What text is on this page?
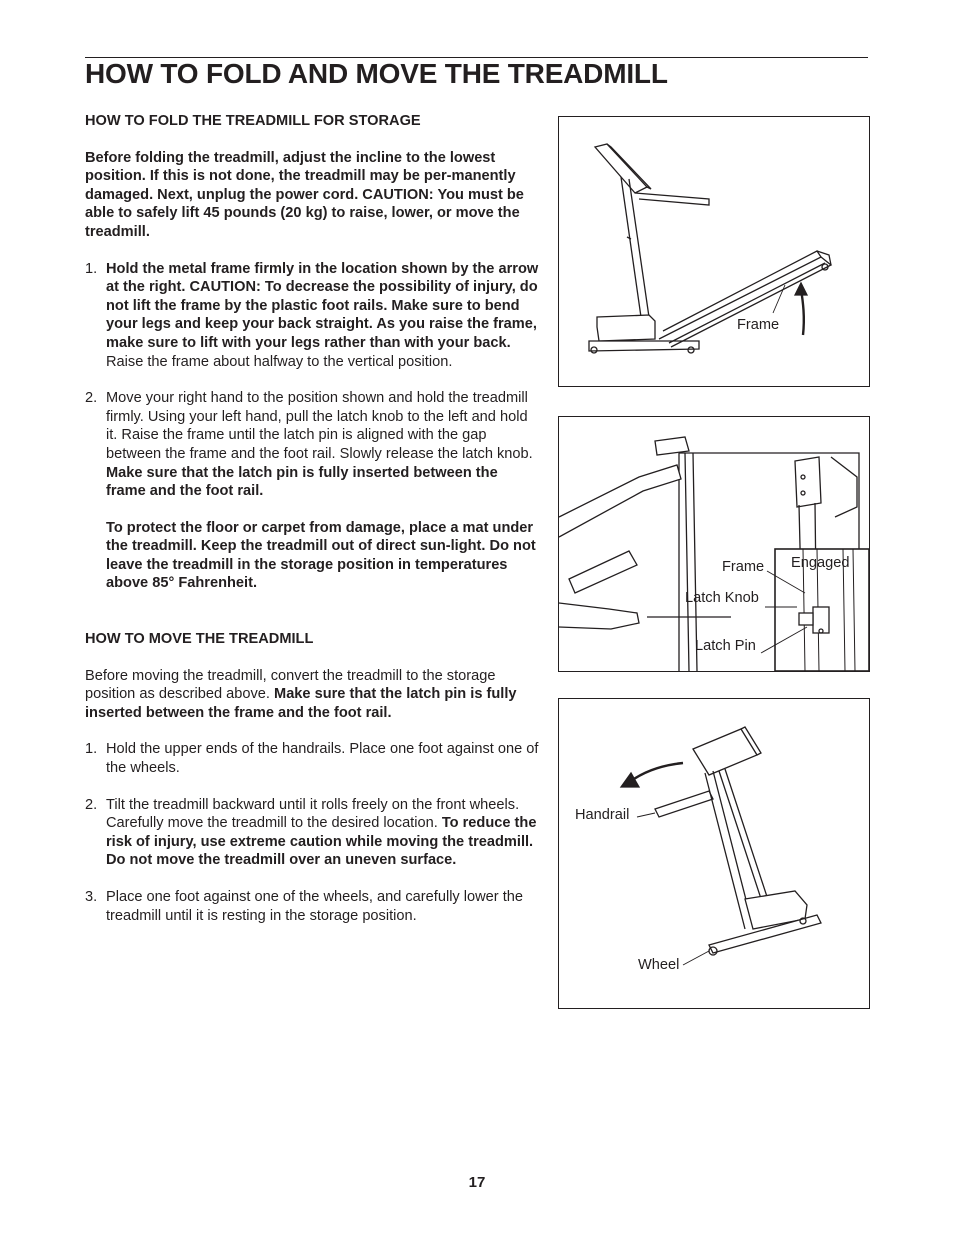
HOW TO FOLD AND MOVE THE TREADMILL

HOW TO FOLD THE TREADMILL FOR STORAGE

Before folding the treadmill, adjust the incline to the lowest position. If this is not done, the treadmill may be per-manently damaged. Next, unplug the power cord. CAUTION: You must be able to safely lift 45 pounds (20 kg) to raise, lower, or move the treadmill.

1. Hold the metal frame firmly in the location shown by the arrow at the right. CAUTION: To decrease the possibility of injury, do not lift the frame by the plastic foot rails. Make sure to bend your legs and keep your back straight. As you raise the frame, make sure to lift with your legs rather than with your back. Raise the frame about halfway to the vertical position.
2. Move your right hand to the position shown and hold the treadmill firmly. Using your left hand, pull the latch knob to the left and hold it. Raise the frame until the latch pin is aligned with the gap between the frame and the foot rail. Slowly release the latch knob. Make sure that the latch pin is fully inserted between the frame and the foot rail.
To protect the floor or carpet from damage, place a mat under the treadmill. Keep the treadmill out of direct sun-light. Do not leave the treadmill in the storage position in temperatures above 85° Fahrenheit.

HOW TO MOVE THE TREADMILL

Before moving the treadmill, convert the treadmill to the storage position as described above. Make sure that the latch pin is fully inserted between the frame and the foot rail.

1. Hold the upper ends of the handrails. Place one foot against one of the wheels.
2. Tilt the treadmill backward until it rolls freely on the front wheels. Carefully move the treadmill to the desired location. To reduce the risk of injury, use extreme caution while moving the treadmill. Do not move the treadmill over an uneven surface.
3. Place one foot against one of the wheels, and carefully lower the treadmill until it is resting in the storage position.
Frame
Frame Engaged
Latch Knob
Latch Pin
Handrail
Wheel
17
